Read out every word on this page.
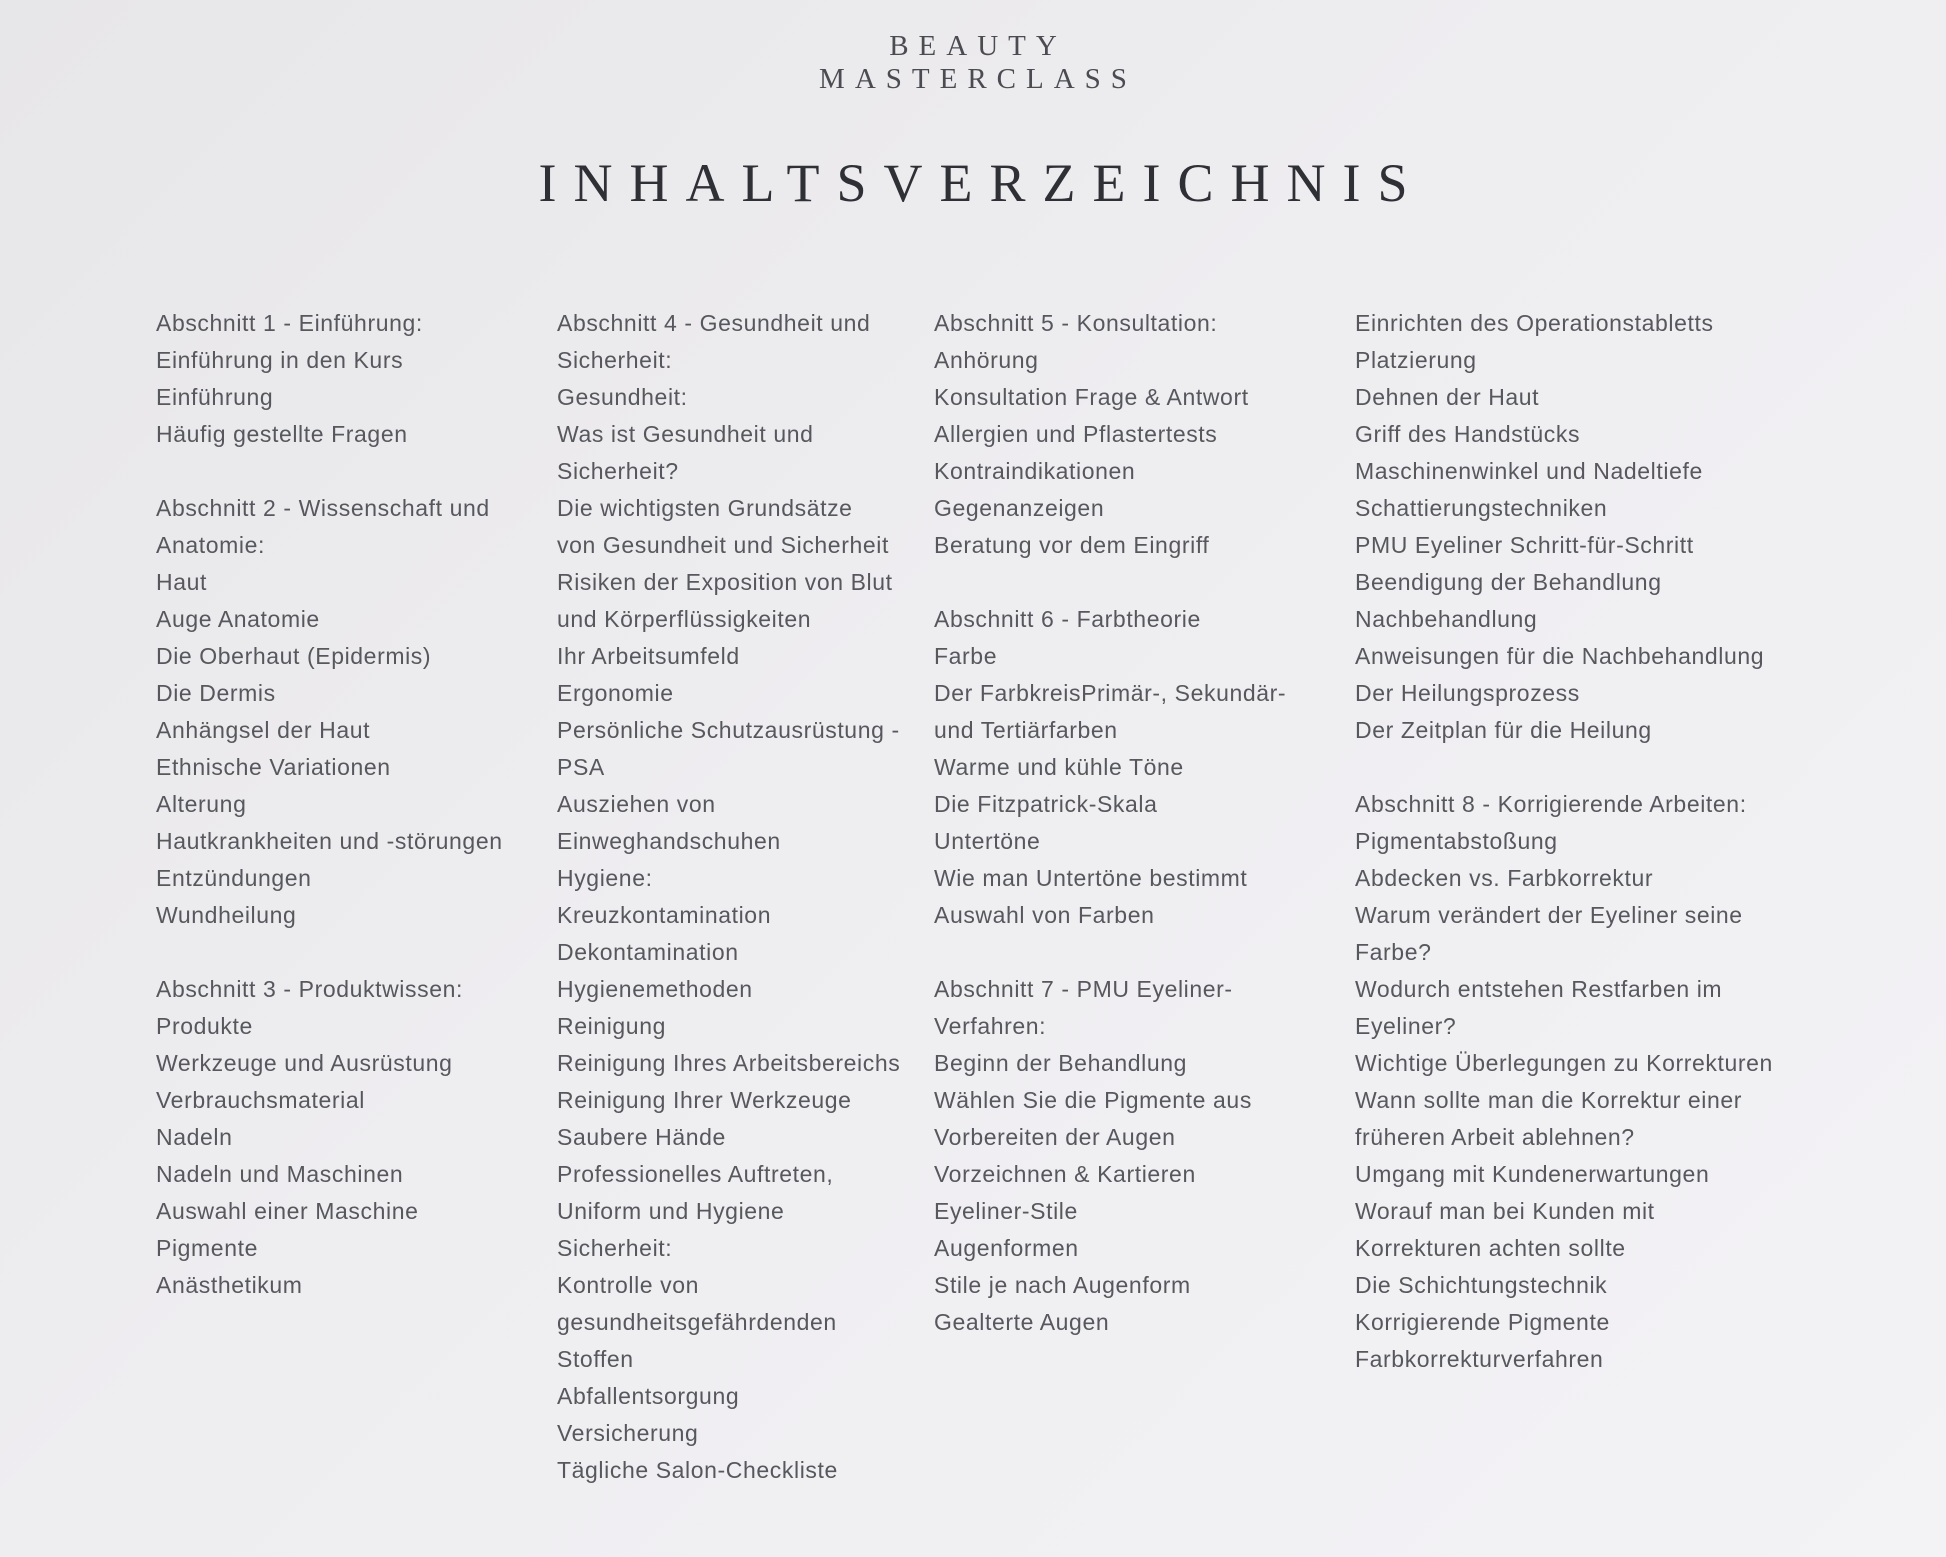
BEAUTY
MASTERCLASS
INHALTSVERZEICHNIS
Abschnitt 1 - Einführung:
Einführung in den Kurs
Einführung
Häufig gestellte Fragen
Abschnitt 2 - Wissenschaft und
Anatomie:
Haut
Auge Anatomie
Die Oberhaut (Epidermis)
Die Dermis
Anhängsel der Haut
Ethnische Variationen
Alterung
Hautkrankheiten und -störungen
Entzündungen
Wundheilung
Abschnitt 3 - Produktwissen:
Produkte
Werkzeuge und Ausrüstung
Verbrauchsmaterial
Nadeln
Nadeln und Maschinen
Auswahl einer Maschine
Pigmente
Anästhetikum
Abschnitt 4 - Gesundheit und
Sicherheit:
Gesundheit:
Was ist Gesundheit und
Sicherheit?
Die wichtigsten Grundsätze
von Gesundheit und Sicherheit
Risiken der Exposition von Blut
und Körperflüssigkeiten
Ihr Arbeitsumfeld
Ergonomie
Persönliche Schutzausrüstung -
PSA
Ausziehen von
Einweghandschuhen
Hygiene:
Kreuzkontamination
Dekontamination
Hygienemethoden
Reinigung
Reinigung Ihres Arbeitsbereichs
Reinigung Ihrer Werkzeuge
Saubere Hände
Professionelles Auftreten,
Uniform und Hygiene
Sicherheit:
Kontrolle von
gesundheitsgefährdenden
Stoffen
Abfallentsorgung
Versicherung
Tägliche Salon-Checkliste
Abschnitt 5 - Konsultation:
Anhörung
Konsultation Frage & Antwort
Allergien und Pflastertests
Kontraindikationen
Gegenanzeigen
Beratung vor dem Eingriff
Abschnitt 6 - Farbtheorie
Farbe
Der FarbkreisPrimär-, Sekundär-
und Tertiärfarben
Warme und kühle Töne
Die Fitzpatrick-Skala
Untertöne
Wie man Untertöne bestimmt
Auswahl von Farben
Abschnitt 7 - PMU Eyeliner-
Verfahren:
Beginn der Behandlung
Wählen Sie die Pigmente aus
Vorbereiten der Augen
Vorzeichnen & Kartieren
Eyeliner-Stile
Augenformen
Stile je nach Augenform
Gealterte Augen
Einrichten des Operationstabletts
Platzierung
Dehnen der Haut
Griff des Handstücks
Maschinenwinkel und Nadeltiefe
Schattierungstechniken
PMU Eyeliner Schritt-für-Schritt
Beendigung der Behandlung
Nachbehandlung
Anweisungen für die Nachbehandlung
Der Heilungsprozess
Der Zeitplan für die Heilung
Abschnitt 8 - Korrigierende Arbeiten:
Pigmentabstoßung
Abdecken vs. Farbkorrektur
Warum verändert der Eyeliner seine
Farbe?
Wodurch entstehen Restfarben im
Eyeliner?
Wichtige Überlegungen zu Korrekturen
Wann sollte man die Korrektur einer
früheren Arbeit ablehnen?
Umgang mit Kundenerwartungen
Worauf man bei Kunden mit
Korrekturen achten sollte
Die Schichtungstechnik
Korrigierende Pigmente
Farbkorrekturverfahren
